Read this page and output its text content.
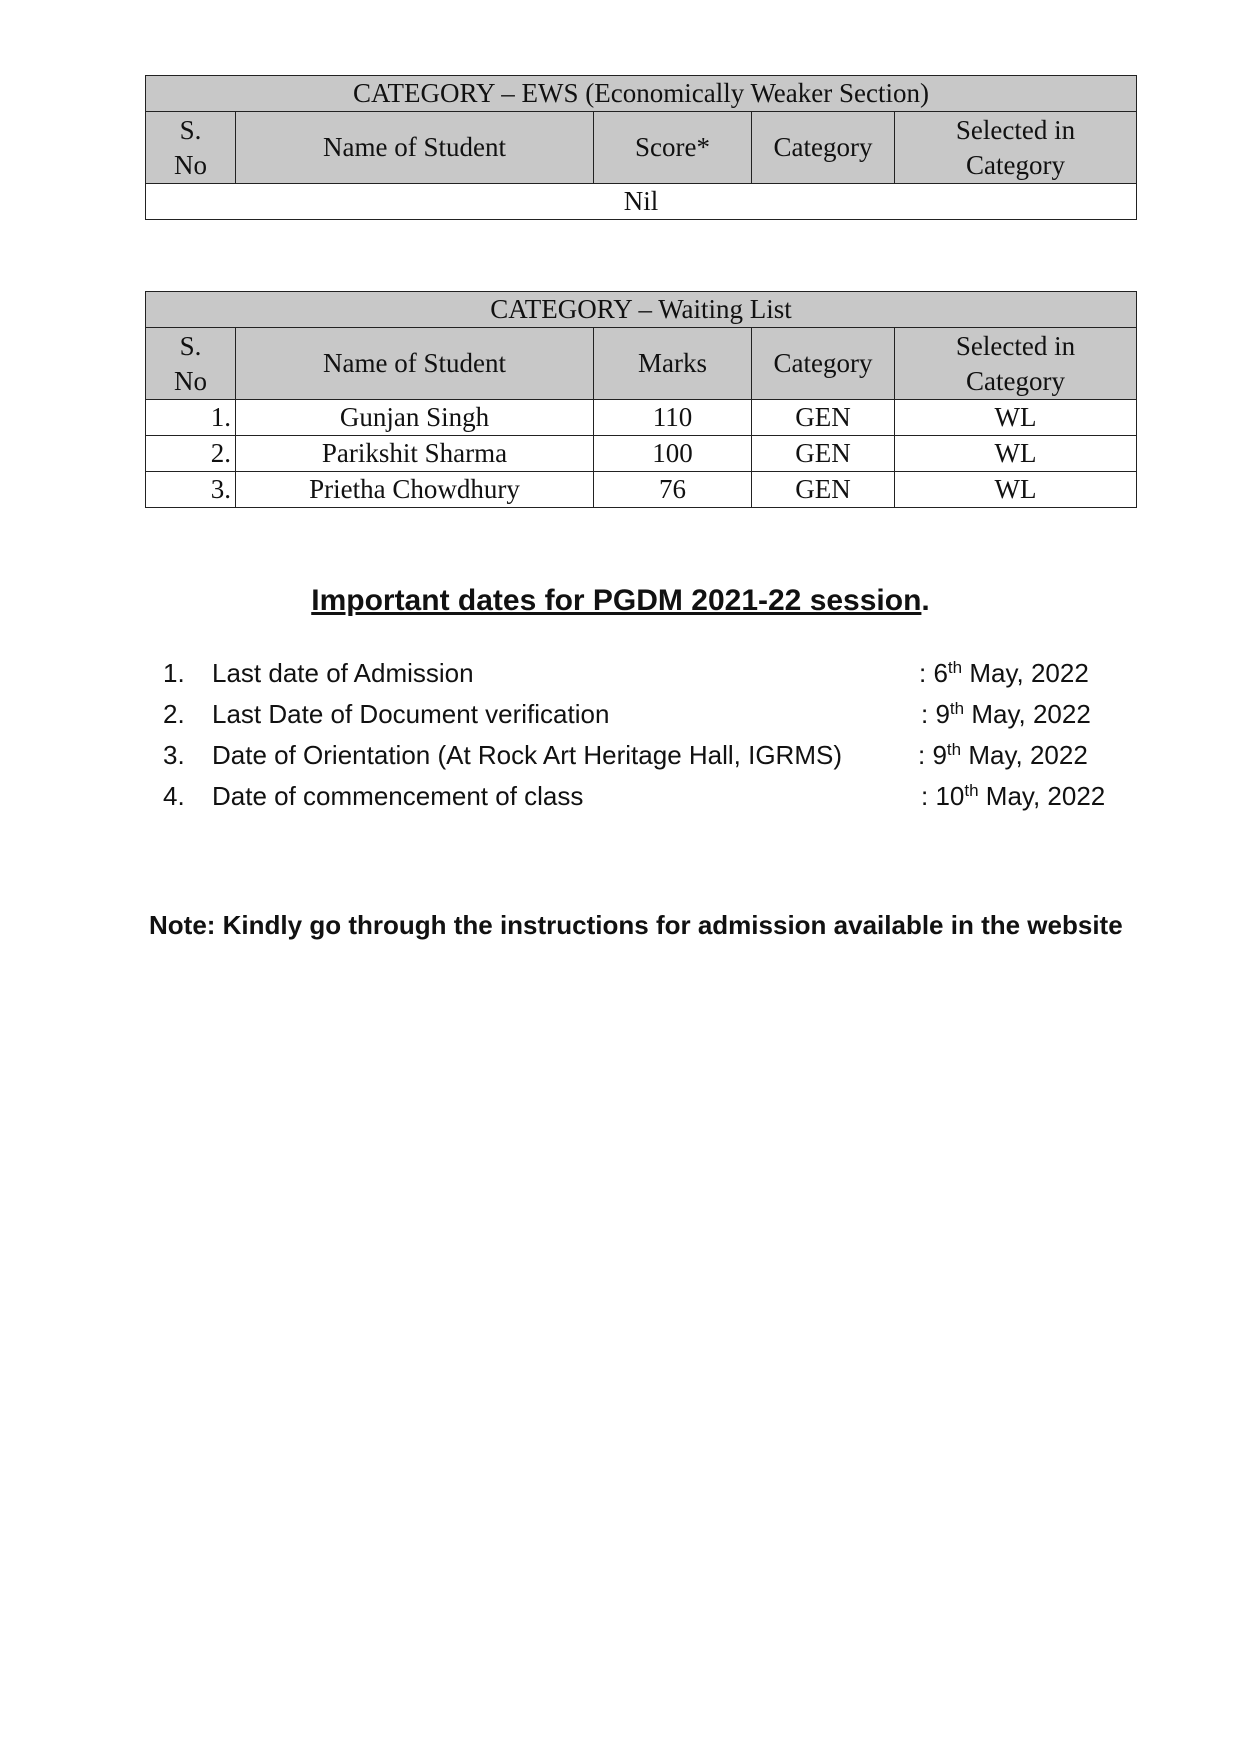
CATEGORY – EWS (Economically Weaker Section)
S. No	Name of Student	Score*	Category	Selected in Category
Nil
CATEGORY – Waiting List				
S. No	Name of Student	Marks	Category	Selected in Category
1.	Gunjan Singh	110	GEN	WL
2.	Parikshit Sharma	100	GEN	WL
3.	Prietha Chowdhury	76	GEN	WL
Important dates for PGDM 2021-22 session.
1. Last date of Admission	: 6th May, 2022
2. Last Date of Document verification	: 9th May, 2022
3. Date of Orientation (At Rock Art Heritage Hall, IGRMS)	: 9th May, 2022
4. Date of commencement of class	: 10th May, 2022
Note: Kindly go through the instructions for admission available in the website
